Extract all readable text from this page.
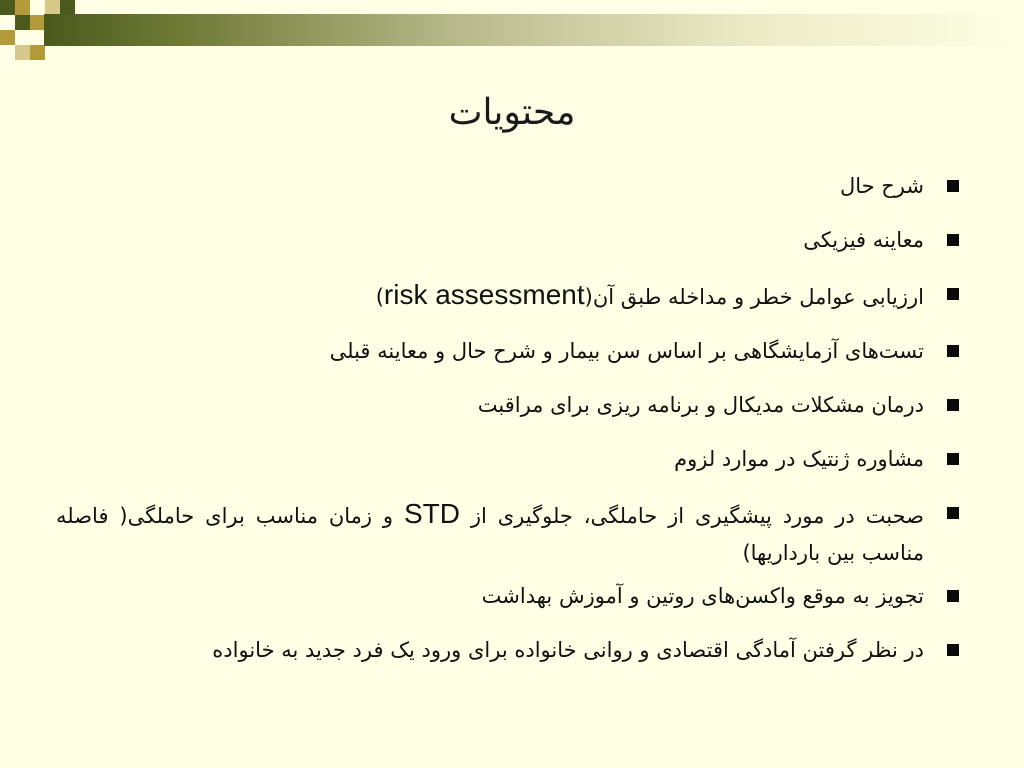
محتویات
شرح حال
معاینه فیزیکی
ارزیابی عوامل خطر و مداخله طبق آن(risk assessment)
تست‌های آزمایشگاهی بر اساس سن بیمار و شرح حال و معاینه قبلی
درمان مشکلات مدیکال و برنامه ریزی برای مراقبت
مشاوره ژنتیک در موارد لزوم
صحبت در مورد پیشگیری از حاملگی، جلوگیری از STD و زمان مناسب برای حاملگی( فاصله مناسب بین بارداریها)
تجویز به موقع واکسن‌های روتین و آموزش بهداشت
در نظر گرفتن آمادگی اقتصادی و روانی خانواده برای ورود یک فرد جدید به خانواده
